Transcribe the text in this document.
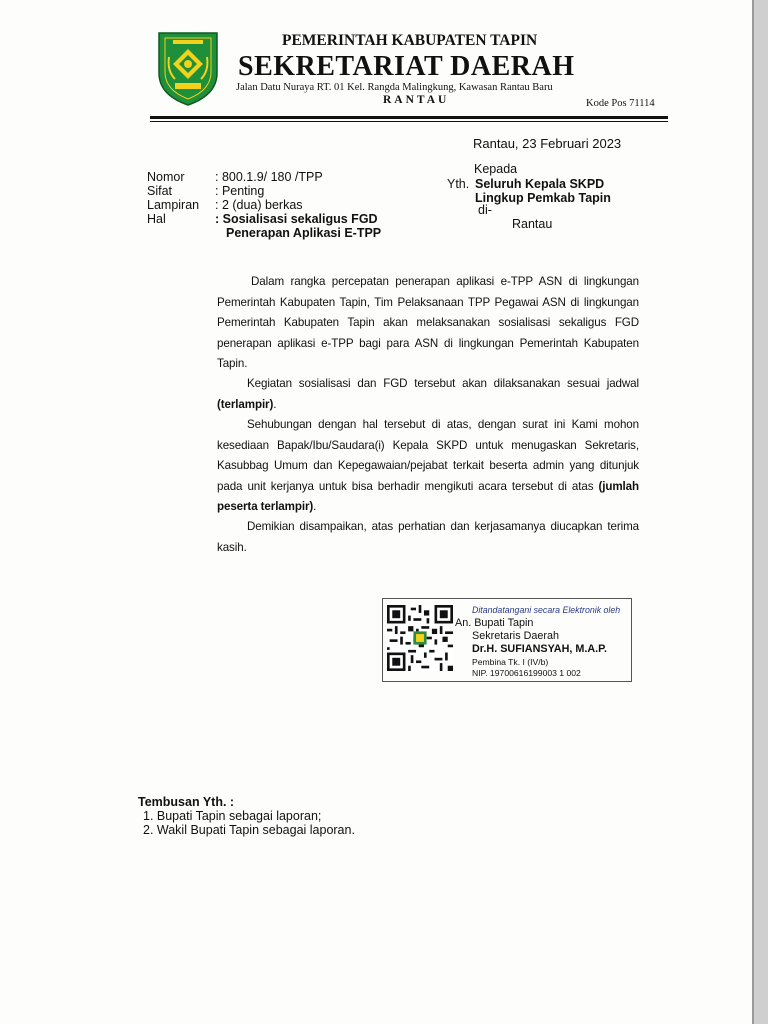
PEMERINTAH KABUPATEN TAPIN
SEKRETARIAT DAERAH
Jalan Datu Nuraya RT. 01 Kel. Rangda Malingkung, Kawasan Rantau Baru
RANTAU	Kode Pos 71114
Rantau, 23 Februari 2023
Nomor : 800.1.9/ 180 /TPP
Sifat	: Penting
Lampiran : 2 (dua) berkas
Hal	: Sosialisasi sekaligus FGD
Penerapan Aplikasi E-TPP
Kepada
Yth. Seluruh Kepala SKPD
Lingkup Pemkab Tapin
di-
Rantau
Dalam rangka percepatan penerapan aplikasi e-TPP ASN di lingkungan Pemerintah Kabupaten Tapin, Tim Pelaksanaan TPP Pegawai ASN di lingkungan Pemerintah Kabupaten Tapin akan melaksanakan sosialisasi sekaligus FGD penerapan aplikasi e-TPP bagi para ASN di lingkungan Pemerintah Kabupaten Tapin.
Kegiatan sosialisasi dan FGD tersebut akan dilaksanakan sesuai jadwal (terlampir).
Sehubungan dengan hal tersebut di atas, dengan surat ini Kami mohon kesediaan Bapak/Ibu/Saudara(i) Kepala SKPD untuk menugaskan Sekretaris, Kasubbag Umum dan Kepegawaian/pejabat terkait beserta admin yang ditunjuk pada unit kerjanya untuk bisa berhadir mengikuti acara tersebut di atas (jumlah peserta terlampir).
Demikian disampaikan, atas perhatian dan kerjasamanya diucapkan terima kasih.
Ditandatangani secara Elektronik oleh
An. Bupati Tapin
Sekretaris Daerah
Dr.H. SUFIANSYAH, M.A.P.
Pembina Tk. I (IV/b)
NIP. 19700616199003 1 002
Tembusan Yth. :
1. Bupati Tapin sebagai laporan;
2. Wakil Bupati Tapin sebagai laporan.
